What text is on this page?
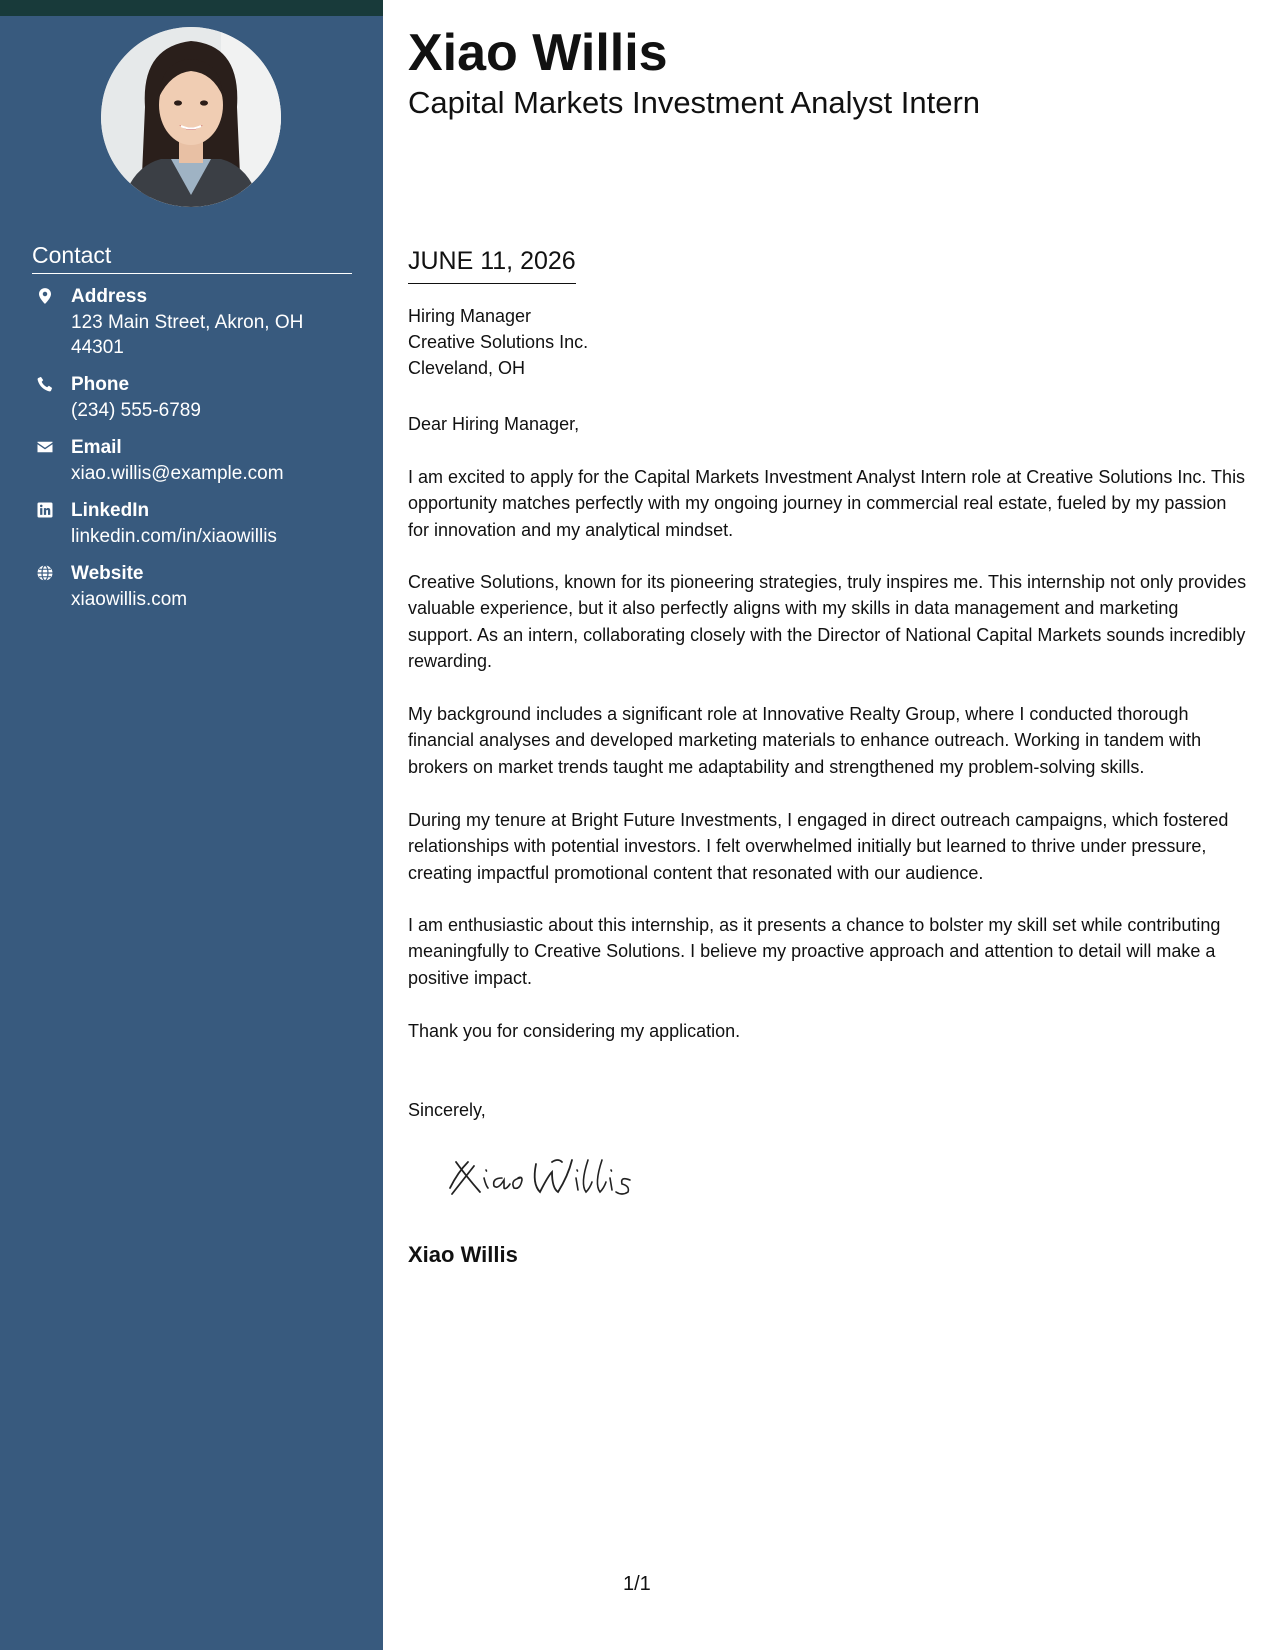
Contact
Address
123 Main Street, Akron, OH 44301
Phone
(234) 555-6789
Email
xiao.willis@example.com
LinkedIn
linkedin.com/in/xiaowillis
Website
xiaowillis.com
Xiao Willis
Capital Markets Investment Analyst Intern
JUNE 11, 2026
Hiring Manager
Creative Solutions Inc.
Cleveland, OH
Dear Hiring Manager,

I am excited to apply for the Capital Markets Investment Analyst Intern role at Creative Solutions Inc. This opportunity matches perfectly with my ongoing journey in commercial real estate, fueled by my passion for innovation and my analytical mindset.

Creative Solutions, known for its pioneering strategies, truly inspires me. This internship not only provides valuable experience, but it also perfectly aligns with my skills in data management and marketing support. As an intern, collaborating closely with the Director of National Capital Markets sounds incredibly rewarding.

My background includes a significant role at Innovative Realty Group, where I conducted thorough financial analyses and developed marketing materials to enhance outreach. Working in tandem with brokers on market trends taught me adaptability and strengthened my problem-solving skills.

During my tenure at Bright Future Investments, I engaged in direct outreach campaigns, which fostered relationships with potential investors. I felt overwhelmed initially but learned to thrive under pressure, creating impactful promotional content that resonated with our audience.

I am enthusiastic about this internship, as it presents a chance to bolster my skill set while contributing meaningfully to Creative Solutions. I believe my proactive approach and attention to detail will make a positive impact.

Thank you for considering my application.

Sincerely,
Xiao Willis
1/1
